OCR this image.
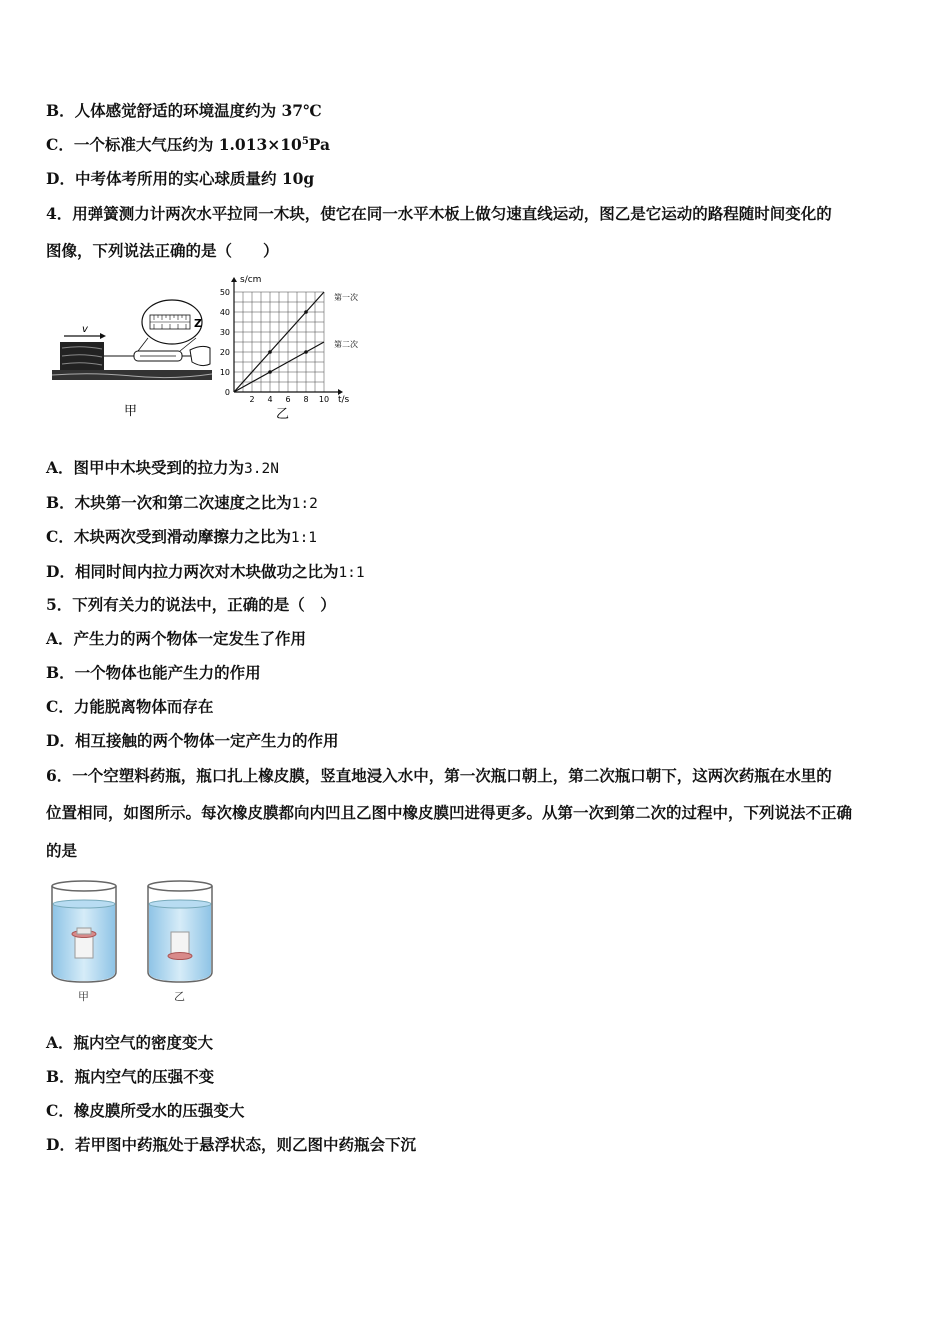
B．人体感觉舒适的环境温度约为 37℃
C．一个标准大气压约为 $1.013\times 10^5Pa$
D．中考体考所用的实心球质量约 10g
4．用弹簧测力计两次水平拉同一木块，使它在同一水平木板上做匀速直线运动，图乙是它运动的路程随时间变化的
图像，下列说法正确的是（　　）
v	Z
甲
0
10
20
30
40
50
2 4 6 8 10
s/cm
t/s
第一次
第二次
乙
A．图甲中木块受到的拉力为3.2N
B．木块第一次和第二次速度之比为1:2
C．木块两次受到滑动摩擦力之比为1:1
D．相同时间内拉力两次对木块做功之比为1:1
5．下列有关力的说法中，正确的是（　）
A．产生力的两个物体一定发生了作用
B．一个物体也能产生力的作用
C．力能脱离物体而存在
D．相互接触的两个物体一定产生力的作用
6．一个空塑料药瓶，瓶口扎上橡皮膜，竖直地浸入水中，第一次瓶口朝上，第二次瓶口朝下，这两次药瓶在水里的
位置相同，如图所示。每次橡皮膜都向内凹且乙图中橡皮膜凹进得更多。从第一次到第二次的过程中，下列说法不正确
的是
甲	乙
A．瓶内空气的密度变大
B．瓶内空气的压强不变
C．橡皮膜所受水的压强变大
D．若甲图中药瓶处于悬浮状态，则乙图中药瓶会下沉
